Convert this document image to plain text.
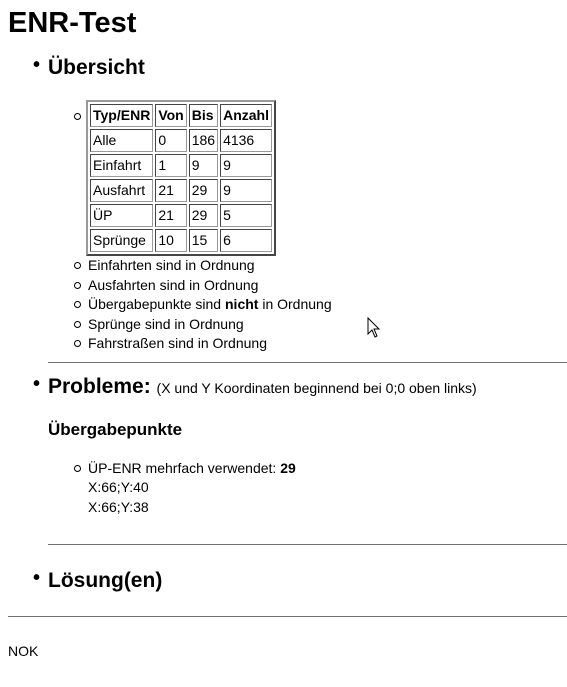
ENR-Test
• Übersicht
Typ/ENR	Von	Bis	Anzahl
Alle	0	186	4136
Einfahrt	1	9	9
Ausfahrt	21	29	9
ÜP	21	29	5
Sprünge	10	15	6
Einfahrten sind in Ordnung
Ausfahrten sind in Ordnung
Übergabepunkte sind nicht in Ordnung
Sprünge sind in Ordnung
Fahrstraßen sind in Ordnung
• Probleme: (X und Y Koordinaten beginnend bei 0;0 oben links)
Übergabepunkte
ÜP-ENR mehrfach verwendet: 29
X:66;Y:40
X:66;Y:38
• Lösung(en)
NOK
